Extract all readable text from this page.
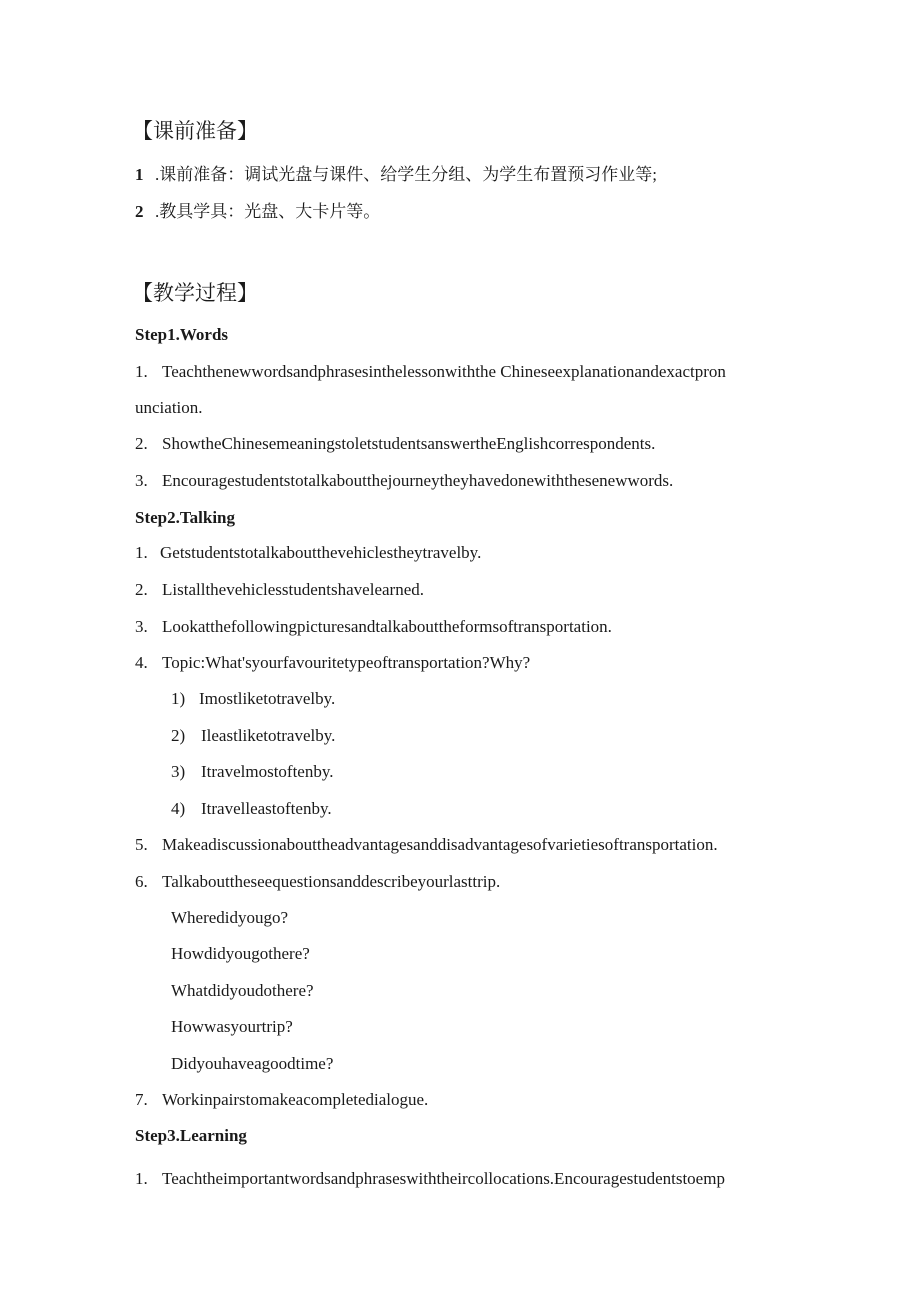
【课前准备】
1 .课前准备：调试光盘与课件、给学生分组、为学生布置预习作业等;
2 .教具学具：光盘、大卡片等。
【教学过程】
Step1.Words
1. Teachthenewwordsandphrasesinthelessonwiththe Chineseexplanationandexactpron
unciation.
2. ShowtheChinesemeaningstoletstudentsanswertheEnglishcorrespondents.
3. Encouragestudentstotalkaboutthejourneytheyhavedonewiththesenewwords.
Step2.Talking
1. Getstudentstotalkaboutthevehiclestheytravelby.
2. Listallthevehiclesstudentshavelearned.
3. Lookatthefollowingpicturesandtalkabouttheformsoftransportation.
4. Topic:What'syourfavouritetypeoftransportation?Why?
1) Imostliketotravelby.
2) Ileastliketotravelby.
3) Itravelmostoftenby.
4) Itravelleastoftenby.
5. Makeadiscussionabouttheadvantagesanddisadvantagesofvarietiesoftransportation.
6. Talkabouttheseequestionsanddescribeyourlasttrip.
Wheredidyougo?
Howdidyougothere?
Whatdidyoudothere?
Howwasyourtrip?
Didyouhaveagoodtime?
7. Workinpairstomakeacompletedialogue.
Step3.Learning
1. Teachtheimportantwordsandphraseswiththeircollocations.Encouragestudentstoemp
